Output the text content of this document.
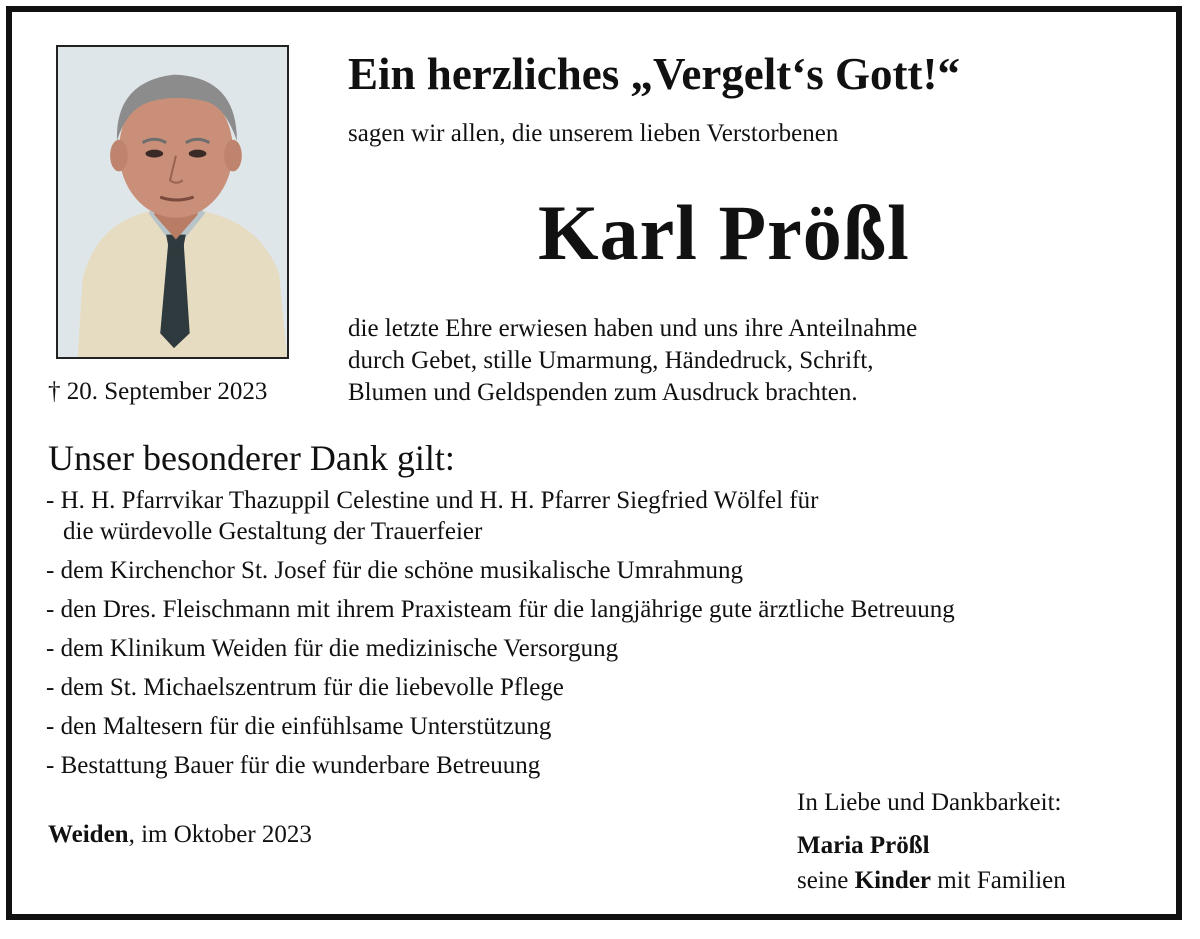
† 20. September 2023
Ein herzliches „Vergelt‘s Gott!“
sagen wir allen, die unserem lieben Verstorbenen
Karl Prößl
die letzte Ehre erwiesen haben und uns ihre Anteilnahme
durch Gebet, stille Umarmung, Händedruck, Schrift,
Blumen und Geldspenden zum Ausdruck brachten.
Unser besonderer Dank gilt:
- H. H. Pfarrvikar Thazuppil Celestine und H. H. Pfarrer Siegfried Wölfel für
die würdevolle Gestaltung der Trauerfeier
- dem Kirchenchor St. Josef für die schöne musikalische Umrahmung
- den Dres. Fleischmann mit ihrem Praxisteam für die langjährige gute ärztliche Betreuung
- dem Klinikum Weiden für die medizinische Versorgung
- dem St. Michaelszentrum für die liebevolle Pflege
- den Maltesern für die einfühlsame Unterstützung
- Bestattung Bauer für die wunderbare Betreuung
Weiden, im Oktober 2023
In Liebe und Dankbarkeit:
Maria Prößl
seine Kinder mit Familien
